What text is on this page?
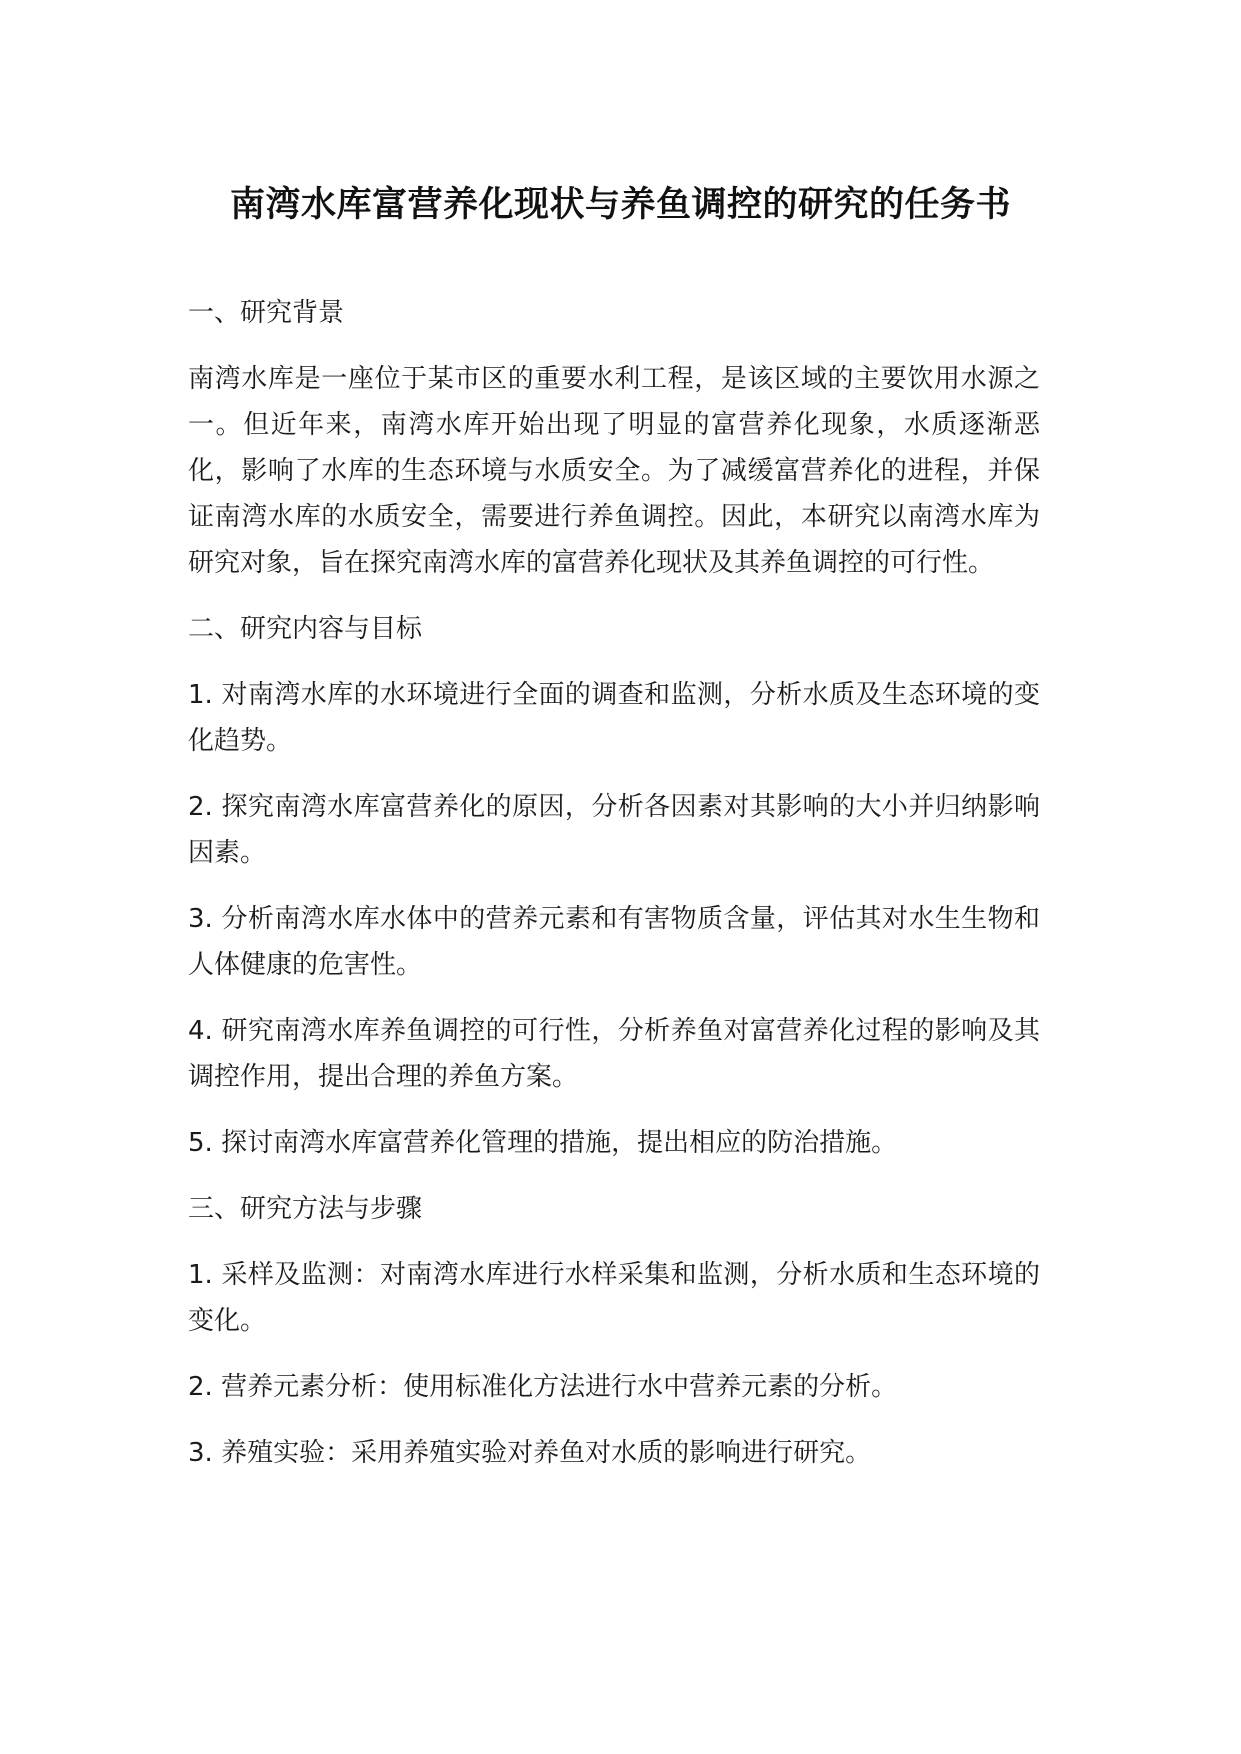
南湾水库富营养化现状与养鱼调控的研究的任务书
一、研究背景
南湾水库是一座位于某市区的重要水利工程，是该区域的主要饮用水源之一。但近年来，南湾水库开始出现了明显的富营养化现象，水质逐渐恶化，影响了水库的生态环境与水质安全。为了减缓富营养化的进程，并保证南湾水库的水质安全，需要进行养鱼调控。因此，本研究以南湾水库为研究对象，旨在探究南湾水库的富营养化现状及其养鱼调控的可行性。
二、研究内容与目标
1. 对南湾水库的水环境进行全面的调查和监测，分析水质及生态环境的变化趋势。
2. 探究南湾水库富营养化的原因，分析各因素对其影响的大小并归纳影响因素。
3. 分析南湾水库水体中的营养元素和有害物质含量，评估其对水生生物和人体健康的危害性。
4. 研究南湾水库养鱼调控的可行性，分析养鱼对富营养化过程的影响及其调控作用，提出合理的养鱼方案。
5. 探讨南湾水库富营养化管理的措施，提出相应的防治措施。
三、研究方法与步骤
1. 采样及监测：对南湾水库进行水样采集和监测，分析水质和生态环境的变化。
2. 营养元素分析：使用标准化方法进行水中营养元素的分析。
3. 养殖实验：采用养殖实验对养鱼对水质的影响进行研究。
